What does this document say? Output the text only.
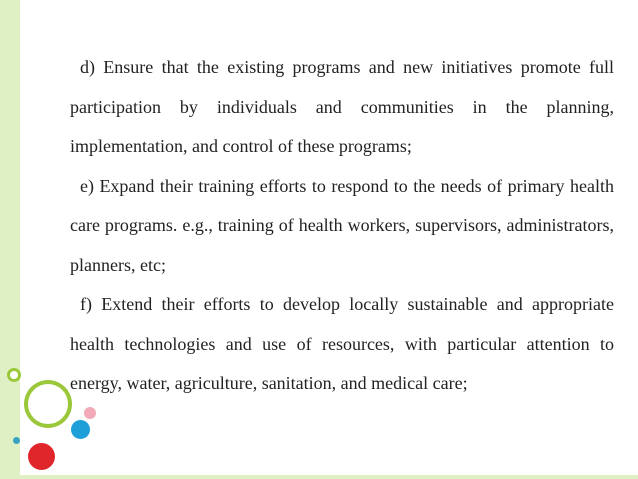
d) Ensure that the existing programs and new initiatives promote full participation by individuals and communities in the planning, implementation, and control of these programs;

e) Expand their training efforts to respond to the needs of primary health care programs. e.g., training of health workers, supervisors, administrators, planners, etc;

f) Extend their efforts to develop locally sustainable and appropriate health technologies and use of resources, with particular attention to energy, water, agriculture, sanitation, and medical care;
